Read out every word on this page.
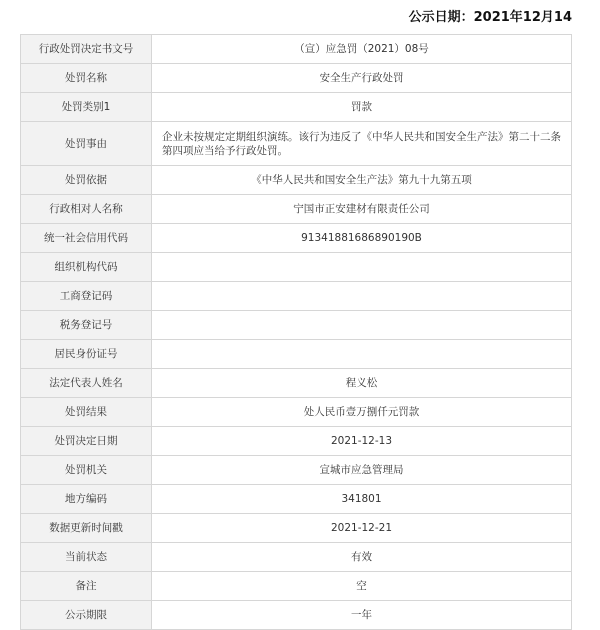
公示日期：2021年12月14
行政处罚决定书文号	（宣）应急罚（2021）08号
处罚名称	安全生产行政处罚
处罚类别1	罚款
处罚事由	企业未按规定定期组织演练。该行为违反了《中华人民共和国安全生产法》第二十二条第四项应当给予行政处罚。
处罚依据	《中华人民共和国安全生产法》第九十九第五项
行政相对人名称	宁国市正安建材有限责任公司
统一社会信用代码	91341881686890190B
组织机构代码	
工商登记码	
税务登记号	
居民身份证号	
法定代表人姓名	程义松
处罚结果	处人民币壹万捌仟元罚款
处罚决定日期	2021-12-13
处罚机关	宣城市应急管理局
地方编码	341801
数据更新时间戳	2021-12-21
当前状态	有效
备注	空
公示期限	一年
